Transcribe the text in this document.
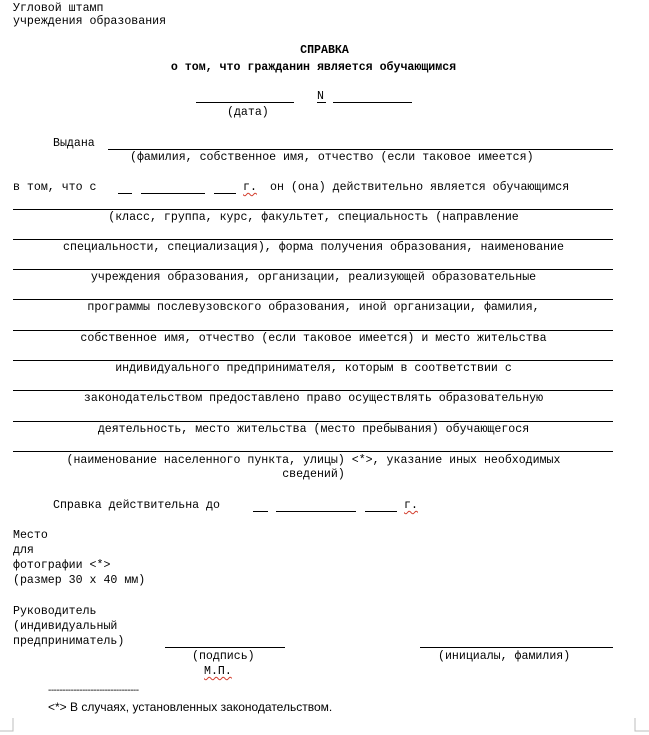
Угловой штамп
учреждения образования
СПРАВКА
о том, что гражданин является обучающимся
N
(дата)
Выдана
(фамилия, собственное имя, отчество (если таковое имеется)
в том, что с	г. он (она) действительно является обучающимся
(класс, группа, курс, факультет, специальность (направление
специальности, специализация), форма получения образования, наименование
учреждения образования, организации, реализующей образовательные
программы послевузовского образования, иной организации, фамилия,
собственное имя, отчество (если таковое имеется) и место жительства
индивидуального предпринимателя, которым в соответствии с
законодательством предоставлено право осуществлять образовательную
деятельность, место жительства (место пребывания) обучающегося
(наименование населенного пункта, улицы) <*>, указание иных необходимых
сведений)
Справка действительна до	г.
Место
для
фотографии <*>
(размер 30 х 40 мм)
Руководитель
(индивидуальный
предприниматель)
(подпись)	(инициалы, фамилия)
М.П.
--------------------------------
<*> В случаях, установленных законодательством.
